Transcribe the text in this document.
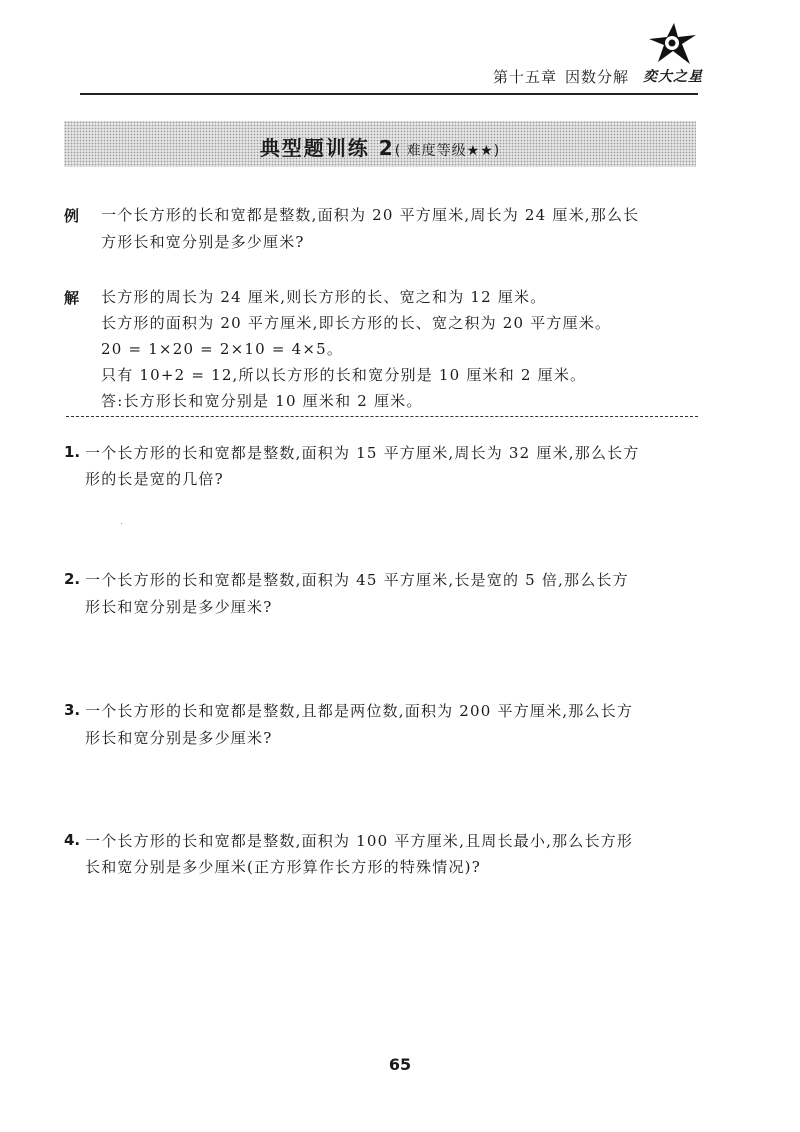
第十五章 因数分解 奕大之星
典型题训练 2( 难度等级★★)
例 一个长方形的长和宽都是整数,面积为 20 平方厘米,周长为 24 厘米,那么长
方形长和宽分别是多少厘米?
解 长方形的周长为 24 厘米,则长方形的长、宽之和为 12 厘米。
长方形的面积为 20 平方厘米,即长方形的长、宽之积为 20 平方厘米。
20 = 1×20 = 2×10 = 4×5。
只有 10+2 = 12,所以长方形的长和宽分别是 10 厘米和 2 厘米。
答:长方形长和宽分别是 10 厘米和 2 厘米。
1. 一个长方形的长和宽都是整数,面积为 15 平方厘米,周长为 32 厘米,那么长方
形的长是宽的几倍?
2. 一个长方形的长和宽都是整数,面积为 45 平方厘米,长是宽的 5 倍,那么长方
形长和宽分别是多少厘米?
3. 一个长方形的长和宽都是整数,且都是两位数,面积为 200 平方厘米,那么长方
形长和宽分别是多少厘米?
4. 一个长方形的长和宽都是整数,面积为 100 平方厘米,且周长最小,那么长方形
长和宽分别是多少厘米(正方形算作长方形的特殊情况)?
65
